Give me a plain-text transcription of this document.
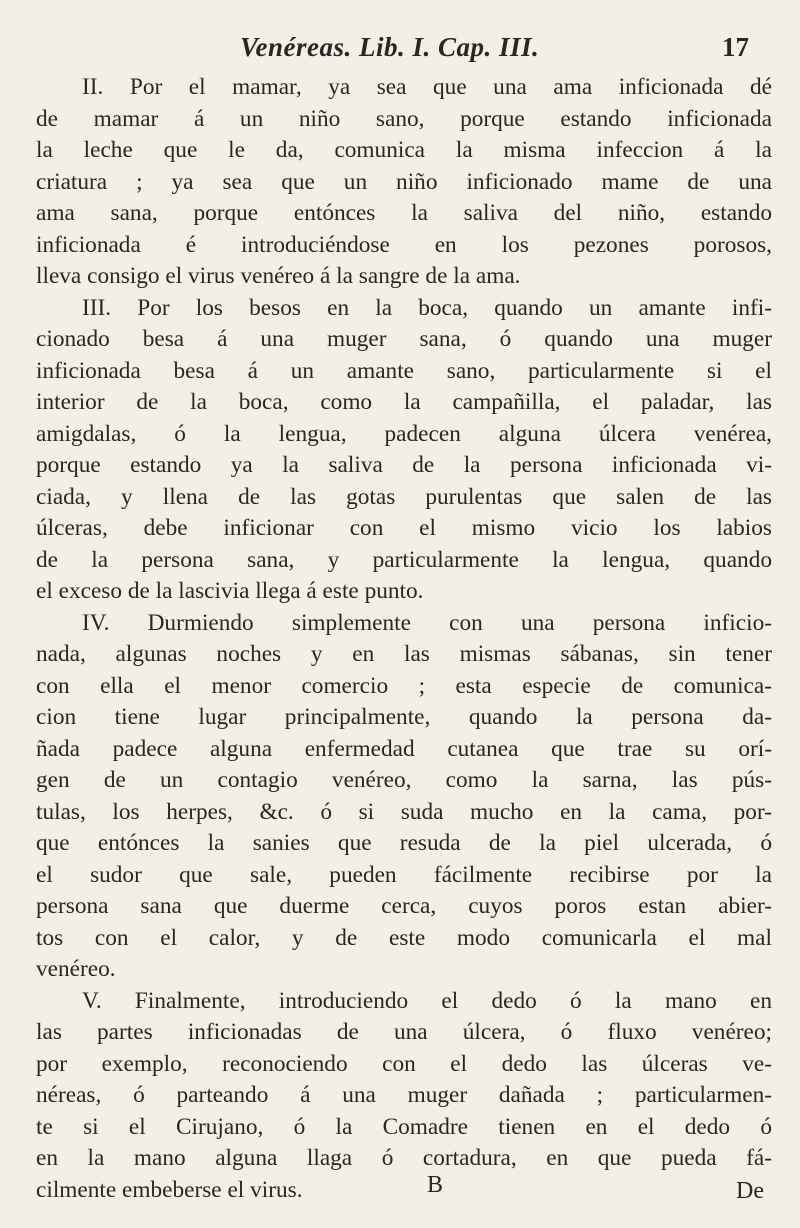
Venéreas. Lib. I. Cap. III.	17
II. Por el mamar, ya sea que una ama inficionada dé
de mamar á un niño sano, porque estando inficionada
la leche que le da, comunica la misma infeccion á la
criatura ; ya sea que un niño inficionado mame de una
ama sana, porque entónces la saliva del niño, estando
inficionada é introduciéndose en los pezones porosos,
lleva consigo el virus venéreo á la sangre de la ama.
III. Por los besos en la boca, quando un amante infi-
cionado besa á una muger sana, ó quando una muger
inficionada besa á un amante sano, particularmente si el
interior de la boca, como la campañilla, el paladar, las
amigdalas, ó la lengua, padecen alguna úlcera venérea,
porque estando ya la saliva de la persona inficionada vi-
ciada, y llena de las gotas purulentas que salen de las
úlceras, debe inficionar con el mismo vicio los labios
de la persona sana, y particularmente la lengua, quando
el exceso de la lascivia llega á este punto.
IV. Durmiendo simplemente con una persona inficio-
nada, algunas noches y en las mismas sábanas, sin tener
con ella el menor comercio ; esta especie de comunica-
cion tiene lugar principalmente, quando la persona da-
ñada padece alguna enfermedad cutanea que trae su orí-
gen de un contagio venéreo, como la sarna, las pús-
tulas, los herpes, &c. ó si suda mucho en la cama, por-
que entónces la sanies que resuda de la piel ulcerada, ó
el sudor que sale, pueden fácilmente recibirse por la
persona sana que duerme cerca, cuyos poros estan abier-
tos con el calor, y de este modo comunicarla el mal
venéreo.
V. Finalmente, introduciendo el dedo ó la mano en
las partes inficionadas de una úlcera, ó fluxo venéreo;
por exemplo, reconociendo con el dedo las úlceras ve-
néreas, ó parteando á una muger dañada ; particularmen-
te si el Cirujano, ó la Comadre tienen en el dedo ó
en la mano alguna llaga ó cortadura, en que pueda fá-
cilmente embeberse el virus.	B	De
